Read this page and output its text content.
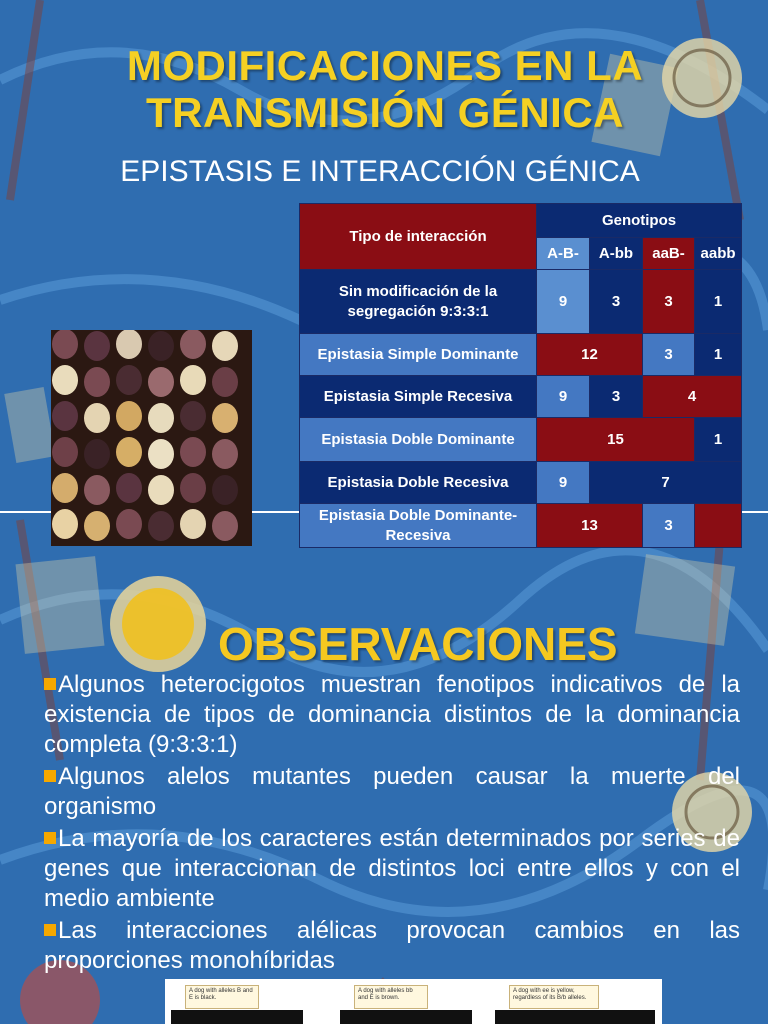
MODIFICACIONES EN LA
TRANSMISIÓN GÉNICA
EPISTASIS E INTERACCIÓN GÉNICA
Tipo de interacción	Genotipos			
	A-B-	A-bb	aaB-	aabb
Sin modificación de la segregación 9:3:3:1	9	3	3	1
Epistasia Simple Dominante	12		3	1
Epistasia Simple Recesiva	9	3	4	
Epistasia Doble Dominante	15			1
Epistasia Doble Recesiva	9	7		
Epistasia Doble Dominante-Recesiva	13		3	
OBSERVACIONES
Algunos heterocigotos muestran fenotipos indicativos de la existencia de tipos de dominancia distintos de la dominancia completa (9:3:3:1)
Algunos alelos mutantes pueden causar la muerte del organismo
La mayoría de los caracteres están determinados por series de genes que interaccionan de distintos loci entre ellos y con el medio ambiente
Las interacciones alélicas provocan cambios en las proporciones monohíbridas
A dog with alleles B and E is black.
A dog with alleles bb and E is brown.
A dog with ee is yellow, regardless of its B/b alleles.
